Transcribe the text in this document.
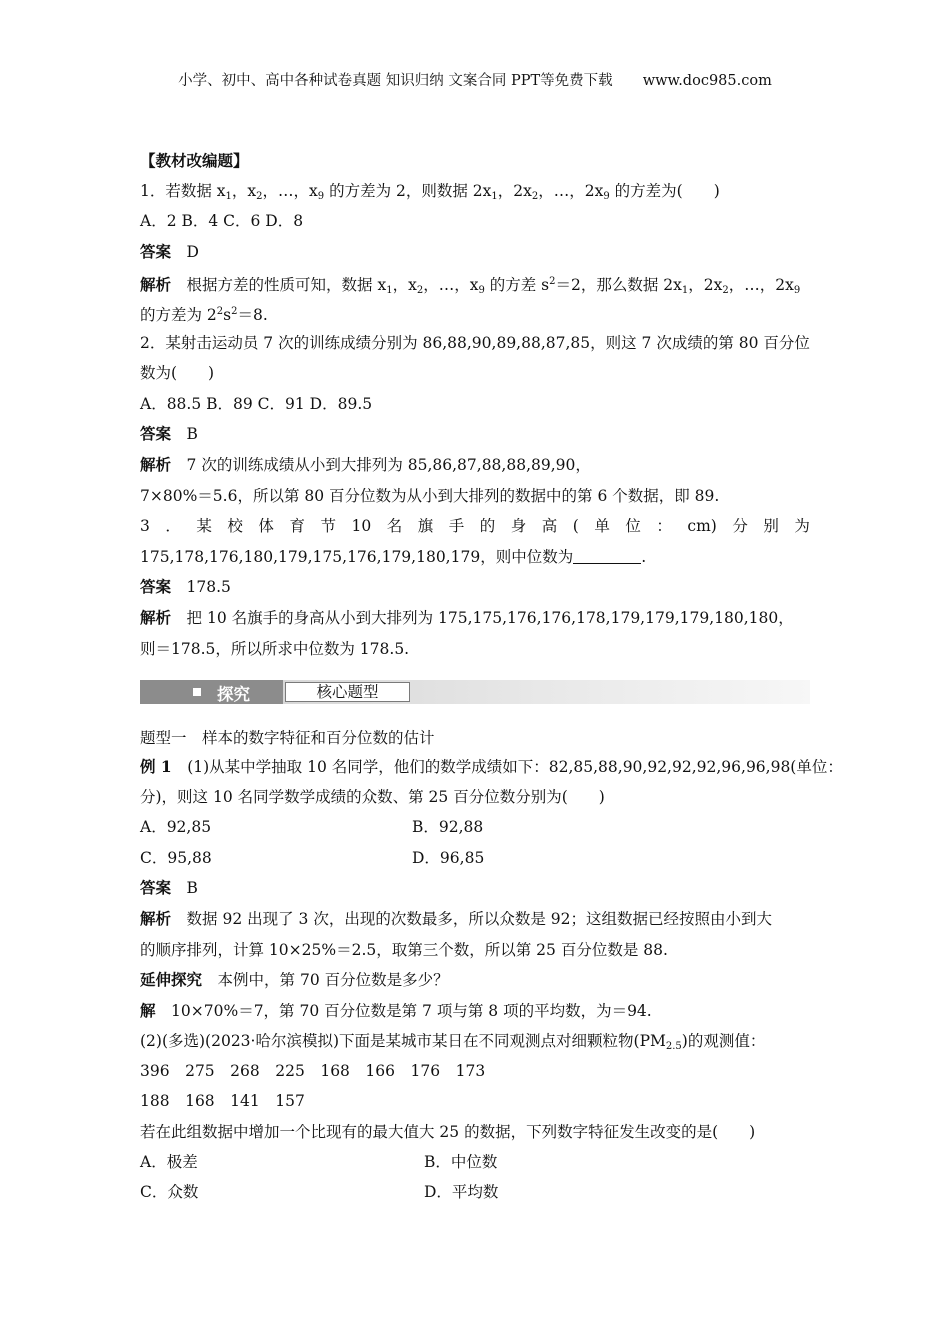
小学、初中、高中各种试卷真题 知识归纳 文案合同 PPT等免费下载 www.doc985.com
【教材改编题】
1．若数据 $x_1$，$x_2$，…，$x_9$ 的方差为 2，则数据 $2x_1$，$2x_2$，…，$2x_9$ 的方差为(　　)
A．2 B．4 C．6 D．8
答案　 D
解析　 根据方差的性质可知，数据 $x_1$，$x_2$，…，$x_9$ 的方差 $s^2=2$，那么数据 $2x_1$，$2x_2$，…，$2x_9$
的方差为 $2^2s^2=8$.
2．某射击运动员 7 次的训练成绩分别为 86,88,90,89,88,87,85，则这 7 次成绩的第 80 百分位
数为(　　)
A．88.5 B．89 C．91 D．89.5
答案　 B
解析　 7 次的训练成绩从小到大排列为 85,86,87,88,88,89,90，
7×80%＝5.6，所以第 80 百分位数为从小到大排列的数据中的第 6 个数据，即 89.
3 ． 某 校 体 育 节 10 名 旗 手 的 身 高 ( 单 位 ： cm) 分 别 为
175,178,176,180,179,175,176,179,180,179，则中位数为	.
答案　 178.5
解析　 把 10 名旗手的身高从小到大排列为 175,175,176,176,178,179,179,179,180,180，
则＝178.5，所以所求中位数为 178.5.
探究	核心题型
题型一　样本的数字特征和百分位数的估计
例 1　 (1)从某中学抽取 10 名同学，他们的数学成绩如下：82,85,88,90,92,92,92,96,96,98(单位：
分)，则这 10 名同学数学成绩的众数、第 25 百分位数分别为(　　)
A．92,85	B．92,88
C．95,88	D．96,85
答案　 B
解析　 数据 92 出现了 3 次，出现的次数最多，所以众数是 92；这组数据已经按照由小到大
的顺序排列，计算 10×25%＝2.5，取第三个数，所以第 25 百分位数是 88.
延伸探究　 本例中，第 70 百分位数是多少？
解　 10×70%＝7，第 70 百分位数是第 7 项与第 8 项的平均数，为＝94.
(2)(多选)(2023·哈尔滨模拟)下面是某城市某日在不同观测点对细颗粒物$(PM_{2.5})$的观测值：
396　275　268　225　168　166　176　173
188　168　141　157
若在此组数据中增加一个比现有的最大值大 25 的数据，下列数字特征发生改变的是(　　)
A．极差	B．中位数
C．众数	D．平均数
